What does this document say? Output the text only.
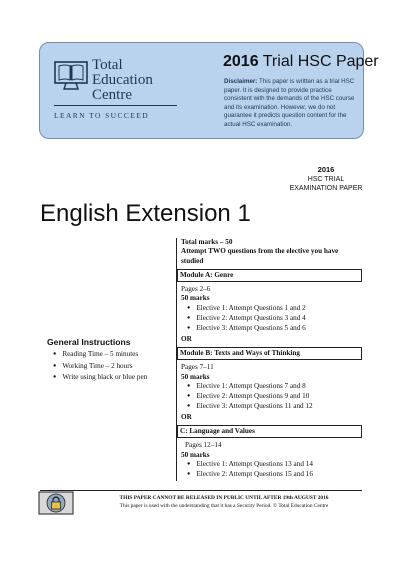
Total
Education
Centre
LEARN TO SUCCEED
2016 Trial HSC Paper
Disclaimer: This paper is written as a trial HSC paper. It is designed to provide practice consistent with the demands of the HSC course and its examination. However, we do not guarantee it predicts question content for the actual HSC examination.
2016
HSC TRIAL
EXAMINATION PAPER
English Extension 1
Total marks – 50
Attempt TWO questions from the elective you have studied
Module A: Genre
Pages 2–6
50 marks
● Elective 1: Attempt Questions 1 and 2
● Elective 2: Attempt Questions 3 and 4
● Elective 3: Attempt Questions 5 and 6
OR
Module B: Texts and Ways of Thinking
Pages 7–11
50 marks
● Elective 1: Attempt Questions 7 and 8
● Elective 2: Attempt Questions 9 and 10
● Elective 3: Attempt Questions 11 and 12
OR
C: Language and Values
Pages 12–14
50 marks
● Elective 1: Attempt Questions 13 and 14
● Elective 2: Attempt Questions 15 and 16
General Instructions
● Reading Time – 5 minutes
● Working Time – 2 hours
● Write using black or blue pen
THIS PAPER CANNOT BE RELEASED IN PUBLIC UNTIL AFTER 19th AUGUST 2016
This paper is used with the understanding that it has a Security Period. © Total Education Centre
